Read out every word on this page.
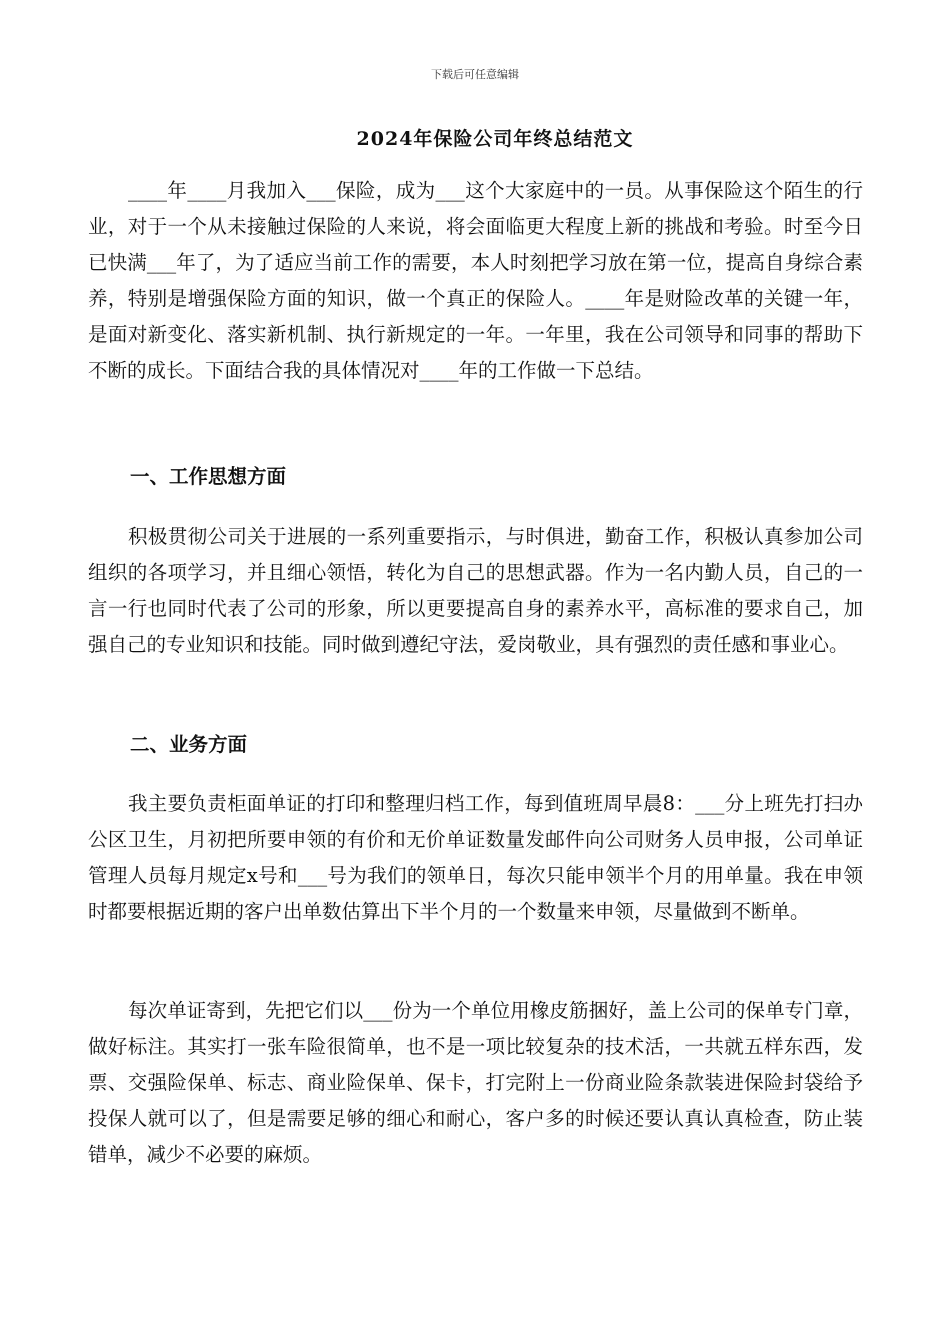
下载后可任意编辑
2024年保险公司年终总结范文

____年____月我加入___保险，成为___这个大家庭中的一员。从事保险这个陌生的行业，对于一个从未接触过保险的人来说，将会面临更大程度上新的挑战和考验。时至今日已快满___年了，为了适应当前工作的需要，本人时刻把学习放在第一位，提高自身综合素养，特别是增强保险方面的知识，做一个真正的保险人。____年是财险改革的关键一年，是面对新变化、落实新机制、执行新规定的一年。一年里，我在公司领导和同事的帮助下不断的成长。下面结合我的具体情况对____年的工作做一下总结。

一、工作思想方面

积极贯彻公司关于进展的一系列重要指示，与时俱进，勤奋工作，积极认真参加公司组织的各项学习，并且细心领悟，转化为自己的思想武器。作为一名内勤人员，自己的一言一行也同时代表了公司的形象，所以更要提高自身的素养水平，高标准的要求自己，加强自己的专业知识和技能。同时做到遵纪守法，爱岗敬业，具有强烈的责任感和事业心。

二、业务方面

我主要负责柜面单证的打印和整理归档工作，每到值班周早晨8：___分上班先打扫办公区卫生，月初把所要申领的有价和无价单证数量发邮件向公司财务人员申报，公司单证管理人员每月规定x号和___号为我们的领单日，每次只能申领半个月的用单量。我在申领时都要根据近期的客户出单数估算出下半个月的一个数量来申领，尽量做到不断单。

每次单证寄到，先把它们以___份为一个单位用橡皮筋捆好，盖上公司的保单专门章，做好标注。其实打一张车险很简单，也不是一项比较复杂的技术活，一共就五样东西，发票、交强险保单、标志、商业险保单、保卡，打完附上一份商业险条款装进保险封袋给予投保人就可以了，但是需要足够的细心和耐心，客户多的时候还要认真认真检查，防止装错单，减少不必要的麻烦。
